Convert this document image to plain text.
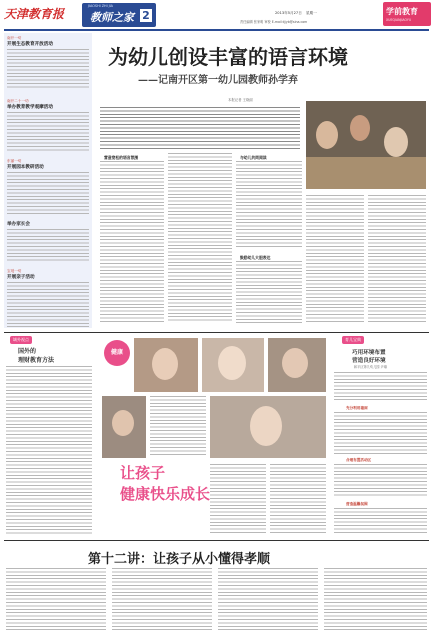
天津教育报
JIAOSHI ZHI JIA
教师之家 2	2013年5月27日 星期一
责任编辑 张家明 审校 E-mail:tjjyb@sina.com
学前教育
XUEQIANJIAOYU
南开一幼
开展生态教育开放活动
南开二十一幼
举办教育教学观摩活动
东丽一幼
开展园本教研活动
举办家长会
宝坻一幼
开展亲子活动
为幼儿创设丰富的语言环境
——记南开区第一幼儿园教师孙学弃
本报记者 王晓丽
营造宽松的语言氛围	与幼儿共同阅读
鼓励幼儿大胆表达
域外视点
国外的
理财教育方法
健康
让孩子
健康快乐成长
育儿宝典
巧用环境布置
营造良好环境
和平区第九幼儿园 尹瑜
充分利用墙面
合理布置活动区
营造温馨氛围
第十二讲：让孩子从小懂得孝顺
